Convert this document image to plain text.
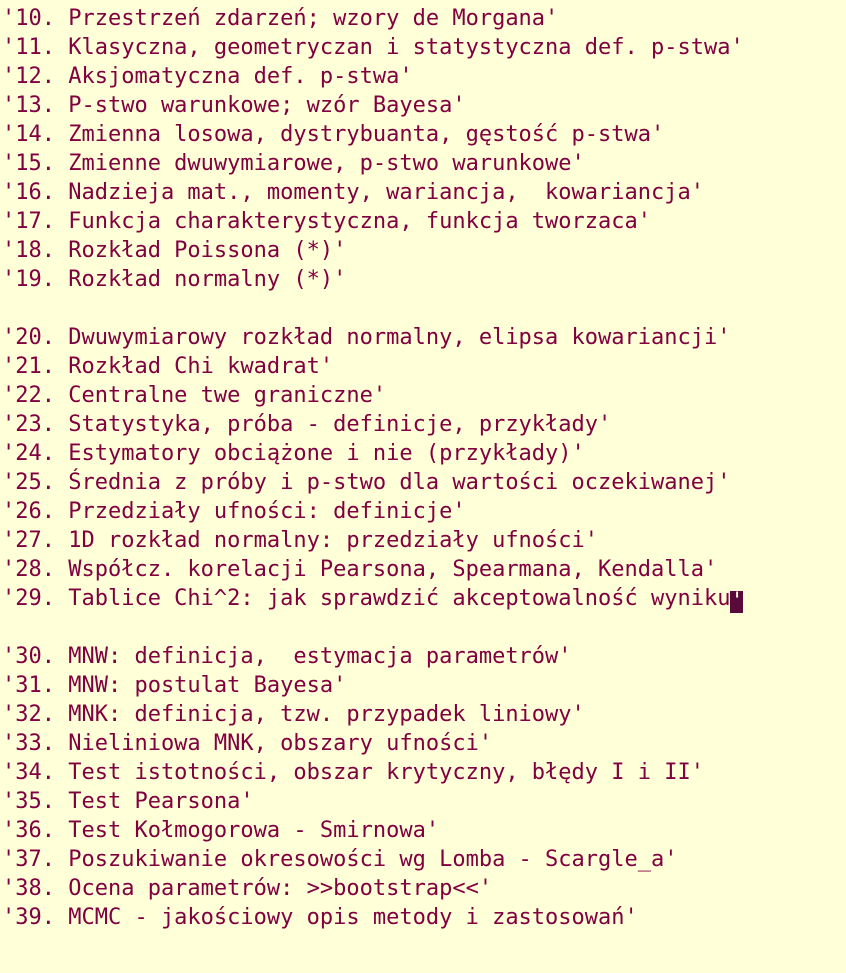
'10. Przestrzeń zdarzeń; wzory de Morgana'
'11. Klasyczna, geometryczan i statystyczna def. p-stwa'
'12. Aksjomatyczna def. p-stwa'
'13. P-stwo warunkowe; wzór Bayesa'
'14. Zmienna losowa, dystrybuanta, gęstość p-stwa'
'15. Zmienne dwuwymiarowe, p-stwo warunkowe'
'16. Nadzieja mat., momenty, wariancja,  kowariancja'
'17. Funkcja charakterystyczna, funkcja tworzaca'
'18. Rozkład Poissona (*)'
'19. Rozkład normalny (*)'
'20. Dwuwymiarowy rozkład normalny, elipsa kowariancji'
'21. Rozkład Chi kwadrat'
'22. Centralne twe graniczne'
'23. Statystyka, próba - definicje, przykłady'
'24. Estymatory obciążone i nie (przykłady)'
'25. Średnia z próby i p-stwo dla wartości oczekiwanej'
'26. Przedziały ufności: definicje'
'27. 1D rozkład normalny: przedziały ufności'
'28. Współcz. korelacji Pearsona, Spearmana, Kendalla'
'29. Tablice Chi^2: jak sprawdzić akceptowalność wyniku'
'30. MNW: definicja,  estymacja parametrów'
'31. MNW: postulat Bayesa'
'32. MNK: definicja, tzw. przypadek liniowy'
'33. Nieliniowa MNK, obszary ufności'
'34. Test istotności, obszar krytyczny, błędy I i II'
'35. Test Pearsona'
'36. Test Kołmogorowa - Smirnowa'
'37. Poszukiwanie okresowości wg Lomba - Scargle_a'
'38. Ocena parametrów: >>bootstrap<<'
'39. MCMC - jakościowy opis metody i zastosowań'
